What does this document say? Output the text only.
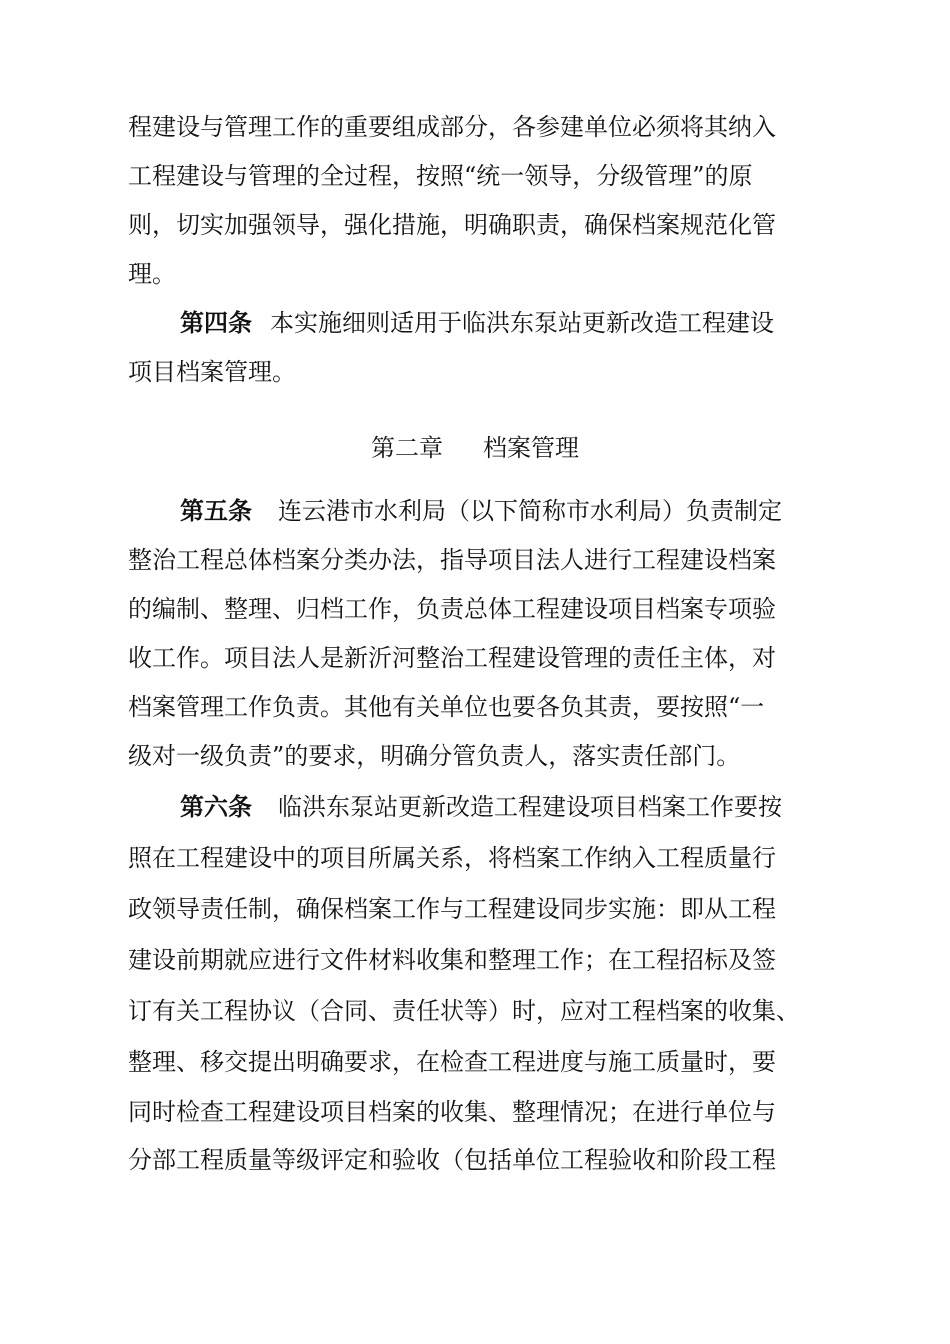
程建设与管理工作的重要组成部分，各参建单位必须将其纳入
工程建设与管理的全过程，按照“统一领导，分级管理”的原
则，切实加强领导，强化措施，明确职责，确保档案规范化管
理。
第四条 本实施细则适用于临洪东泵站更新改造工程建设
项目档案管理。
第二章 档案管理
第五条 连云港市水利局（以下简称市水利局）负责制定
整治工程总体档案分类办法，指导项目法人进行工程建设档案
的编制、整理、归档工作，负责总体工程建设项目档案专项验
收工作。项目法人是新沂河整治工程建设管理的责任主体，对
档案管理工作负责。其他有关单位也要各负其责，要按照“一
级对一级负责”的要求，明确分管负责人，落实责任部门。
第六条 临洪东泵站更新改造工程建设项目档案工作要按
照在工程建设中的项目所属关系，将档案工作纳入工程质量行
政领导责任制，确保档案工作与工程建设同步实施：即从工程
建设前期就应进行文件材料收集和整理工作；在工程招标及签
订有关工程协议（合同、责任状等）时，应对工程档案的收集、
整理、移交提出明确要求，在检查工程进度与施工质量时，要
同时检查工程建设项目档案的收集、整理情况；在进行单位与
分部工程质量等级评定和验收（包括单位工程验收和阶段工程
